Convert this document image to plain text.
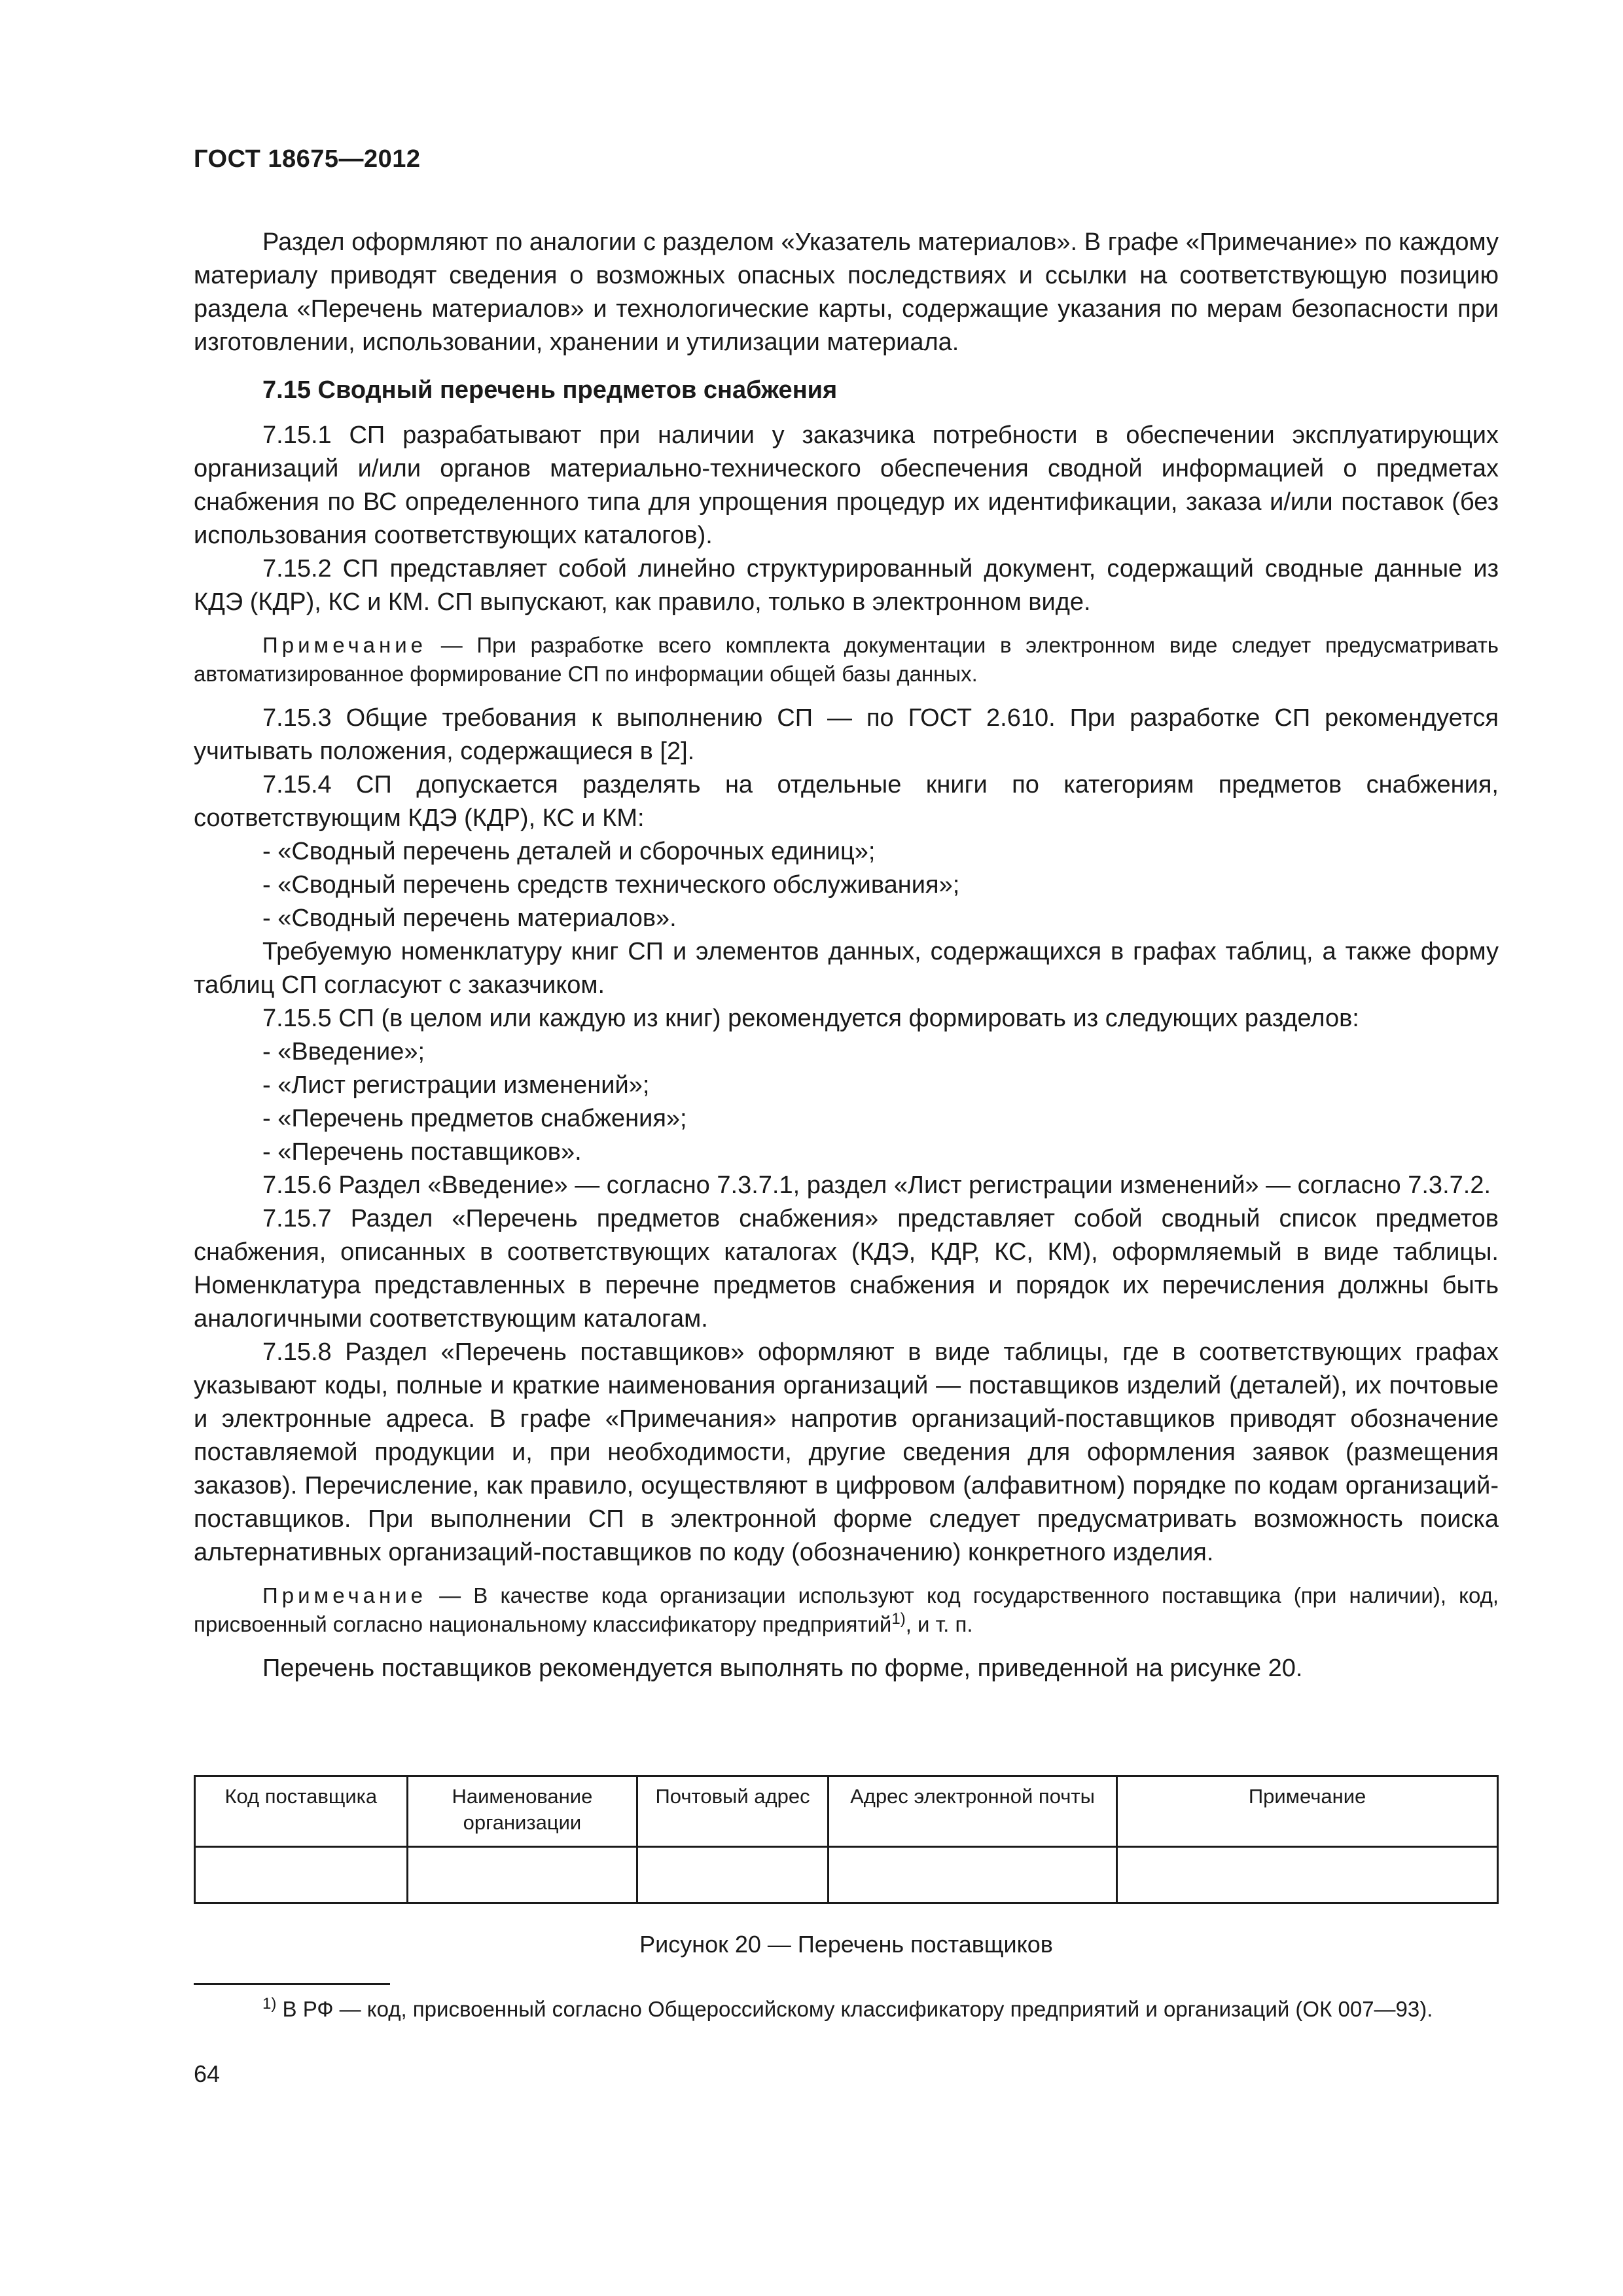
ГОСТ 18675—2012

Раздел оформляют по аналогии с разделом «Указатель материалов». В графе «Примечание» по каждому материалу приводят сведения о возможных опасных последствиях и ссылки на соответствующую позицию раздела «Перечень материалов» и технологические карты, содержащие указания по мерам безопасности при изготовлении, использовании, хранении и утилизации материала.

7.15 Сводный перечень предметов снабжения

7.15.1 СП разрабатывают при наличии у заказчика потребности в обеспечении эксплуатирующих организаций и/или органов материально-технического обеспечения сводной информацией о предметах снабжения по ВС определенного типа для упрощения процедур их идентификации, заказа и/или поставок (без использования соответствующих каталогов).

7.15.2 СП представляет собой линейно структурированный документ, содержащий сводные данные из КДЭ (КДР), КС и КМ. СП выпускают, как правило, только в электронном виде.

Примечание — При разработке всего комплекта документации в электронном виде следует предусматривать автоматизированное формирование СП по информации общей базы данных.

7.15.3 Общие требования к выполнению СП — по ГОСТ 2.610. При разработке СП рекомендуется учитывать положения, содержащиеся в [2].

7.15.4 СП допускается разделять на отдельные книги по категориям предметов снабжения, соответствующим КДЭ (КДР), КС и КМ:

- «Сводный перечень деталей и сборочных единиц»;
- «Сводный перечень средств технического обслуживания»;
- «Сводный перечень материалов».

Требуемую номенклатуру книг СП и элементов данных, содержащихся в графах таблиц, а также форму таблиц СП согласуют с заказчиком.

7.15.5 СП (в целом или каждую из книг) рекомендуется формировать из следующих разделов:

- «Введение»;
- «Лист регистрации изменений»;
- «Перечень предметов снабжения»;
- «Перечень поставщиков».

7.15.6 Раздел «Введение» — согласно 7.3.7.1, раздел «Лист регистрации изменений» — согласно 7.3.7.2.

7.15.7 Раздел «Перечень предметов снабжения» представляет собой сводный список предметов снабжения, описанных в соответствующих каталогах (КДЭ, КДР, КС, КМ), оформляемый в виде таблицы. Номенклатура представленных в перечне предметов снабжения и порядок их перечисления должны быть аналогичными соответствующим каталогам.

7.15.8 Раздел «Перечень поставщиков» оформляют в виде таблицы, где в соответствующих графах указывают коды, полные и краткие наименования организаций — поставщиков изделий (деталей), их почтовые и электронные адреса. В графе «Примечания» напротив организаций-поставщиков приводят обозначение поставляемой продукции и, при необходимости, другие сведения для оформления заявок (размещения заказов). Перечисление, как правило, осуществляют в цифровом (алфавитном) порядке по кодам организаций-поставщиков. При выполнении СП в электронной форме следует предусматривать возможность поиска альтернативных организаций-поставщиков по коду (обозначению) конкретного изделия.

Примечание — В качестве кода организации используют код государственного поставщика (при наличии), код, присвоенный согласно национальному классификатору предприятий$^{1)}$, и т. п.

Перечень поставщиков рекомендуется выполнять по форме, приведенной на рисунке 20.

Код поставщика	Наименование организации	Почтовый адрес	Адрес электронной почты	Примечание

Рисунок 20 — Перечень поставщиков
$^{1)}$ В РФ — код, присвоенный согласно Общероссийскому классификатору предприятий и организаций (ОК 007—93).
64
